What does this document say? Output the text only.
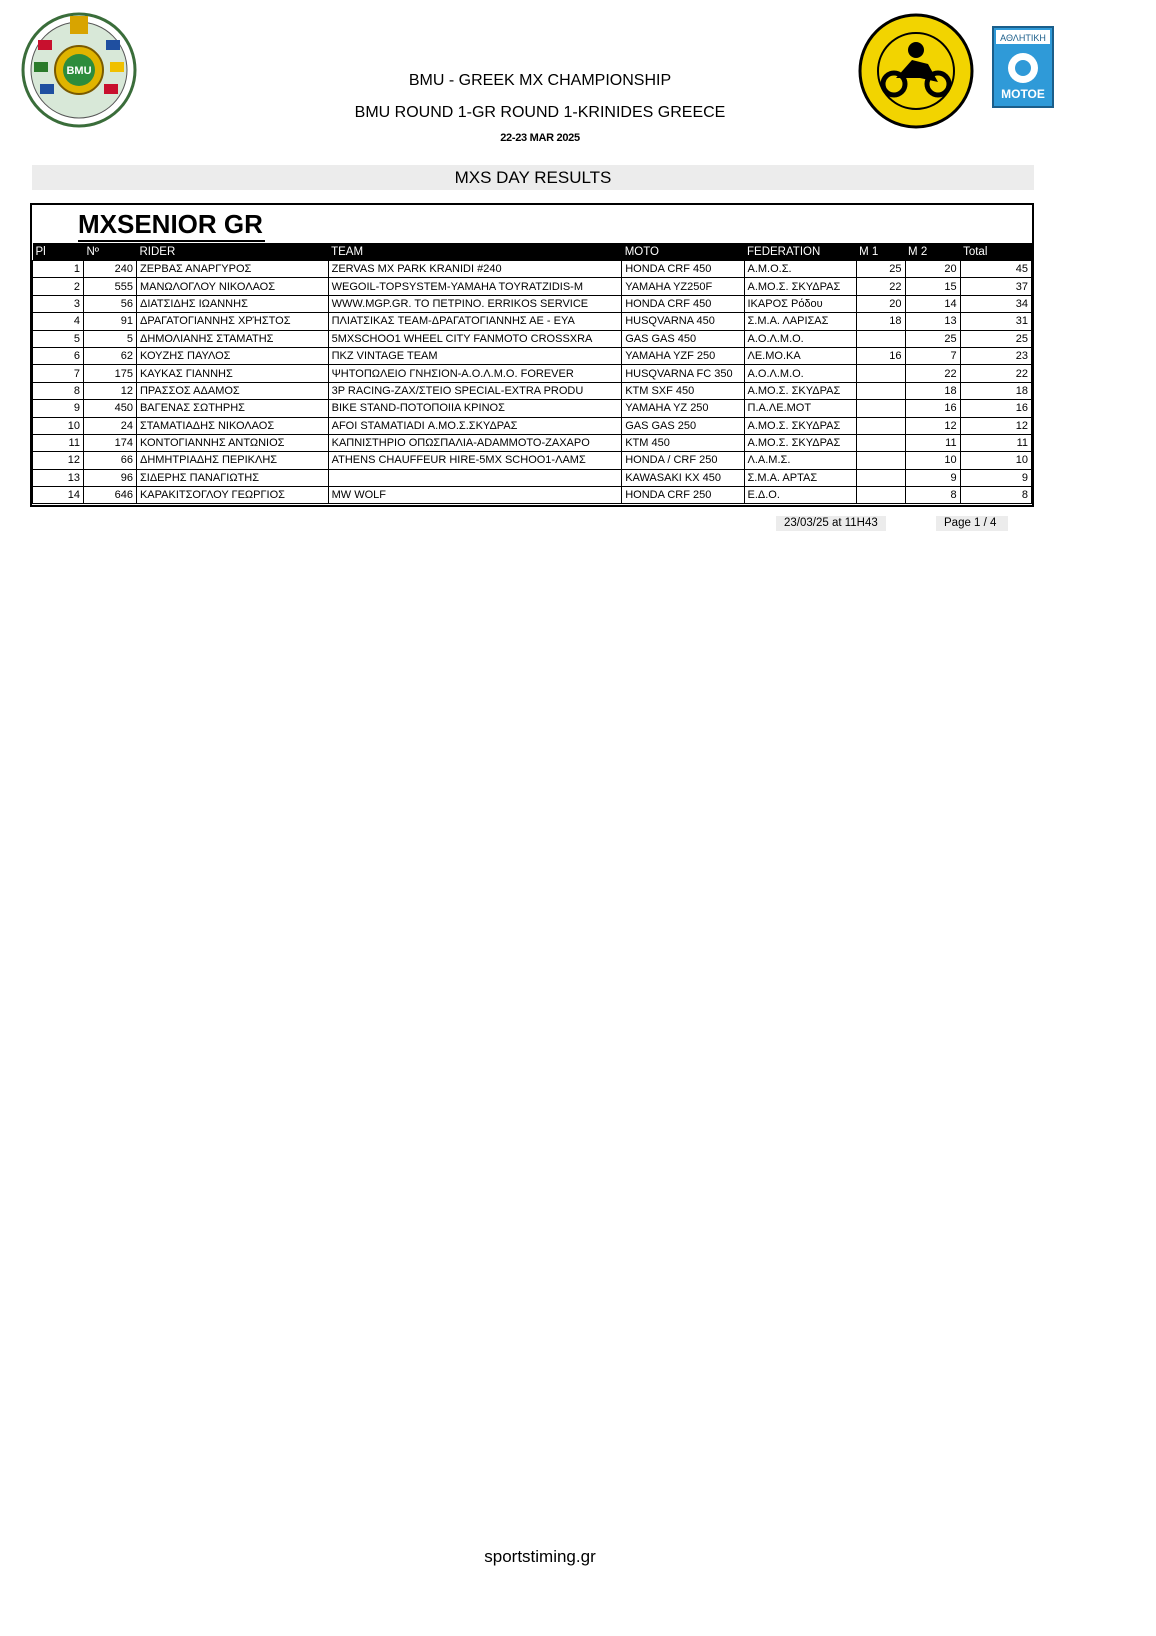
BMU
BMU - GREEK MX CHAMPIONSHIP
BMU ROUND 1-GR ROUND 1-KRINIDES GREECE
22-23 MAR 2025
ΑΘΛΗΤΙΚΗ
MOTOE
MXS DAY RESULTS
MXSENIOR GR
Pl	Nº	RIDER	TEAM	MOTO	FEDERATION	M 1	M 2	Total
1	240	ΖΕΡΒΑΣ ΑΝΑΡΓΥΡΟΣ	ZERVAS MX PARK KRANIDI #240	HONDA CRF 450	Α.Μ.Ο.Σ.	25	20	45
2	555	ΜΑΝΩΛΟΓΛΟΥ ΝΙΚΟΛΑΟΣ	WEGOIL-TOPSYSTEM-YAMAHA TOYRATZIDIS-M	YAMAHA YZ250F	Α.ΜΟ.Σ. ΣΚΥΔΡΑΣ	22	15	37
3	56	ΔΙΑΤΣΙΔΗΣ ΙΩΑΝΝΗΣ	WWW.MGP.GR. TO ΠΕΤΡΙΝΟ. ERRIKOS SERVICE	HONDA CRF 450	ΙΚΑΡΟΣ Ρόδου	20	14	34
4	91	ΔΡΑΓΑΤΟΓΙΑΝΝΗΣ ΧΡΉΣΤΟΣ	ΠΛΙΑΤΣΙΚΑΣ TEAM-ΔΡΑΓΑΤΟΓΙΑΝΝΗΣ ΑΕ - EYA	HUSQVARNA 450	Σ.Μ.Α. ΛΑΡΙΣΑΣ	18	13	31
5	5	ΔΗΜΟΛΙΑΝΗΣ ΣΤΑΜΑΤΗΣ	5MXSCHOO1 WHEEL CITY FANMOTO CROSSXRA	GAS GAS 450	Α.Ο.Λ.Μ.Ο.		25	25
6	62	ΚΟΥΖΗΣ ΠΑΥΛΟΣ	ΠΚΖ VINTAGE TEAM	YAMAHA YZF 250	ΛΕ.ΜΟ.ΚΑ	16	7	23
7	175	ΚΑΥΚΑΣ ΓΙΑΝΝΗΣ	ΨΗΤΟΠΩΛΕΙΟ ΓΝΗΣΙΟΝ-Α.Ο.Λ.Μ.Ο. FOREVER	HUSQVARNA FC 350	Α.Ο.Λ.Μ.Ο.		22	22
8	12	ΠΡΑΣΣΟΣ ΑΔΑΜΟΣ	3P RACING-ZAX/ΣΤΕΙΟ SPECIAL-EXTRA PRODU	KTM SXF 450	Α.ΜΟ.Σ. ΣΚΥΔΡΑΣ		18	18
9	450	ΒΑΓΕΝΑΣ ΣΩΤΗΡΗΣ	BIKE STAND-ΠΟΤΟΠΟΙΙΑ ΚΡΙΝΟΣ	YAMAHA YZ 250	Π.Α.ΛΕ.ΜΟΤ		16	16
10	24	ΣΤΑΜΑΤΙΑΔΗΣ ΝΙΚΟΛΑΟΣ	AFOI STAMATIADI Α.ΜΟ.Σ.ΣΚΥΔΡΑΣ	GAS GAS 250	Α.ΜΟ.Σ. ΣΚΥΔΡΑΣ		12	12
11	174	ΚΟΝΤΟΓΙΑΝΝΗΣ ΑΝΤΩΝΙΟΣ	ΚΑΠΝΙΣΤΗΡΙΟ ΟΠΩΣΠΑΛΙΑ-ADAMMOTO-ZAXAPO	KTM 450	Α.ΜΟ.Σ. ΣΚΥΔΡΑΣ		11	11
12	66	ΔΗΜΗΤΡΙΑΔΗΣ ΠΕΡΙΚΛΗΣ	ATHENS CHAUFFEUR HIRE-5MX SCHOO1-ΛΑΜΣ	HONDA / CRF 250	Λ.Α.Μ.Σ.		10	10
13	96	ΣΙΔΕΡΗΣ ΠΑΝΑΓΙΩΤΗΣ		KAWASAKI KX 450	Σ.Μ.Α. ΑΡΤΑΣ		9	9
14	646	ΚΑΡΑΚΙΤΣΟΓΛΟΥ ΓΕΩΡΓΙΟΣ	MW WOLF	HONDA CRF 250	Ε.Δ.Ο.		8	8
23/03/25 at 11H43	Page 1 / 4
sportstiming.gr
